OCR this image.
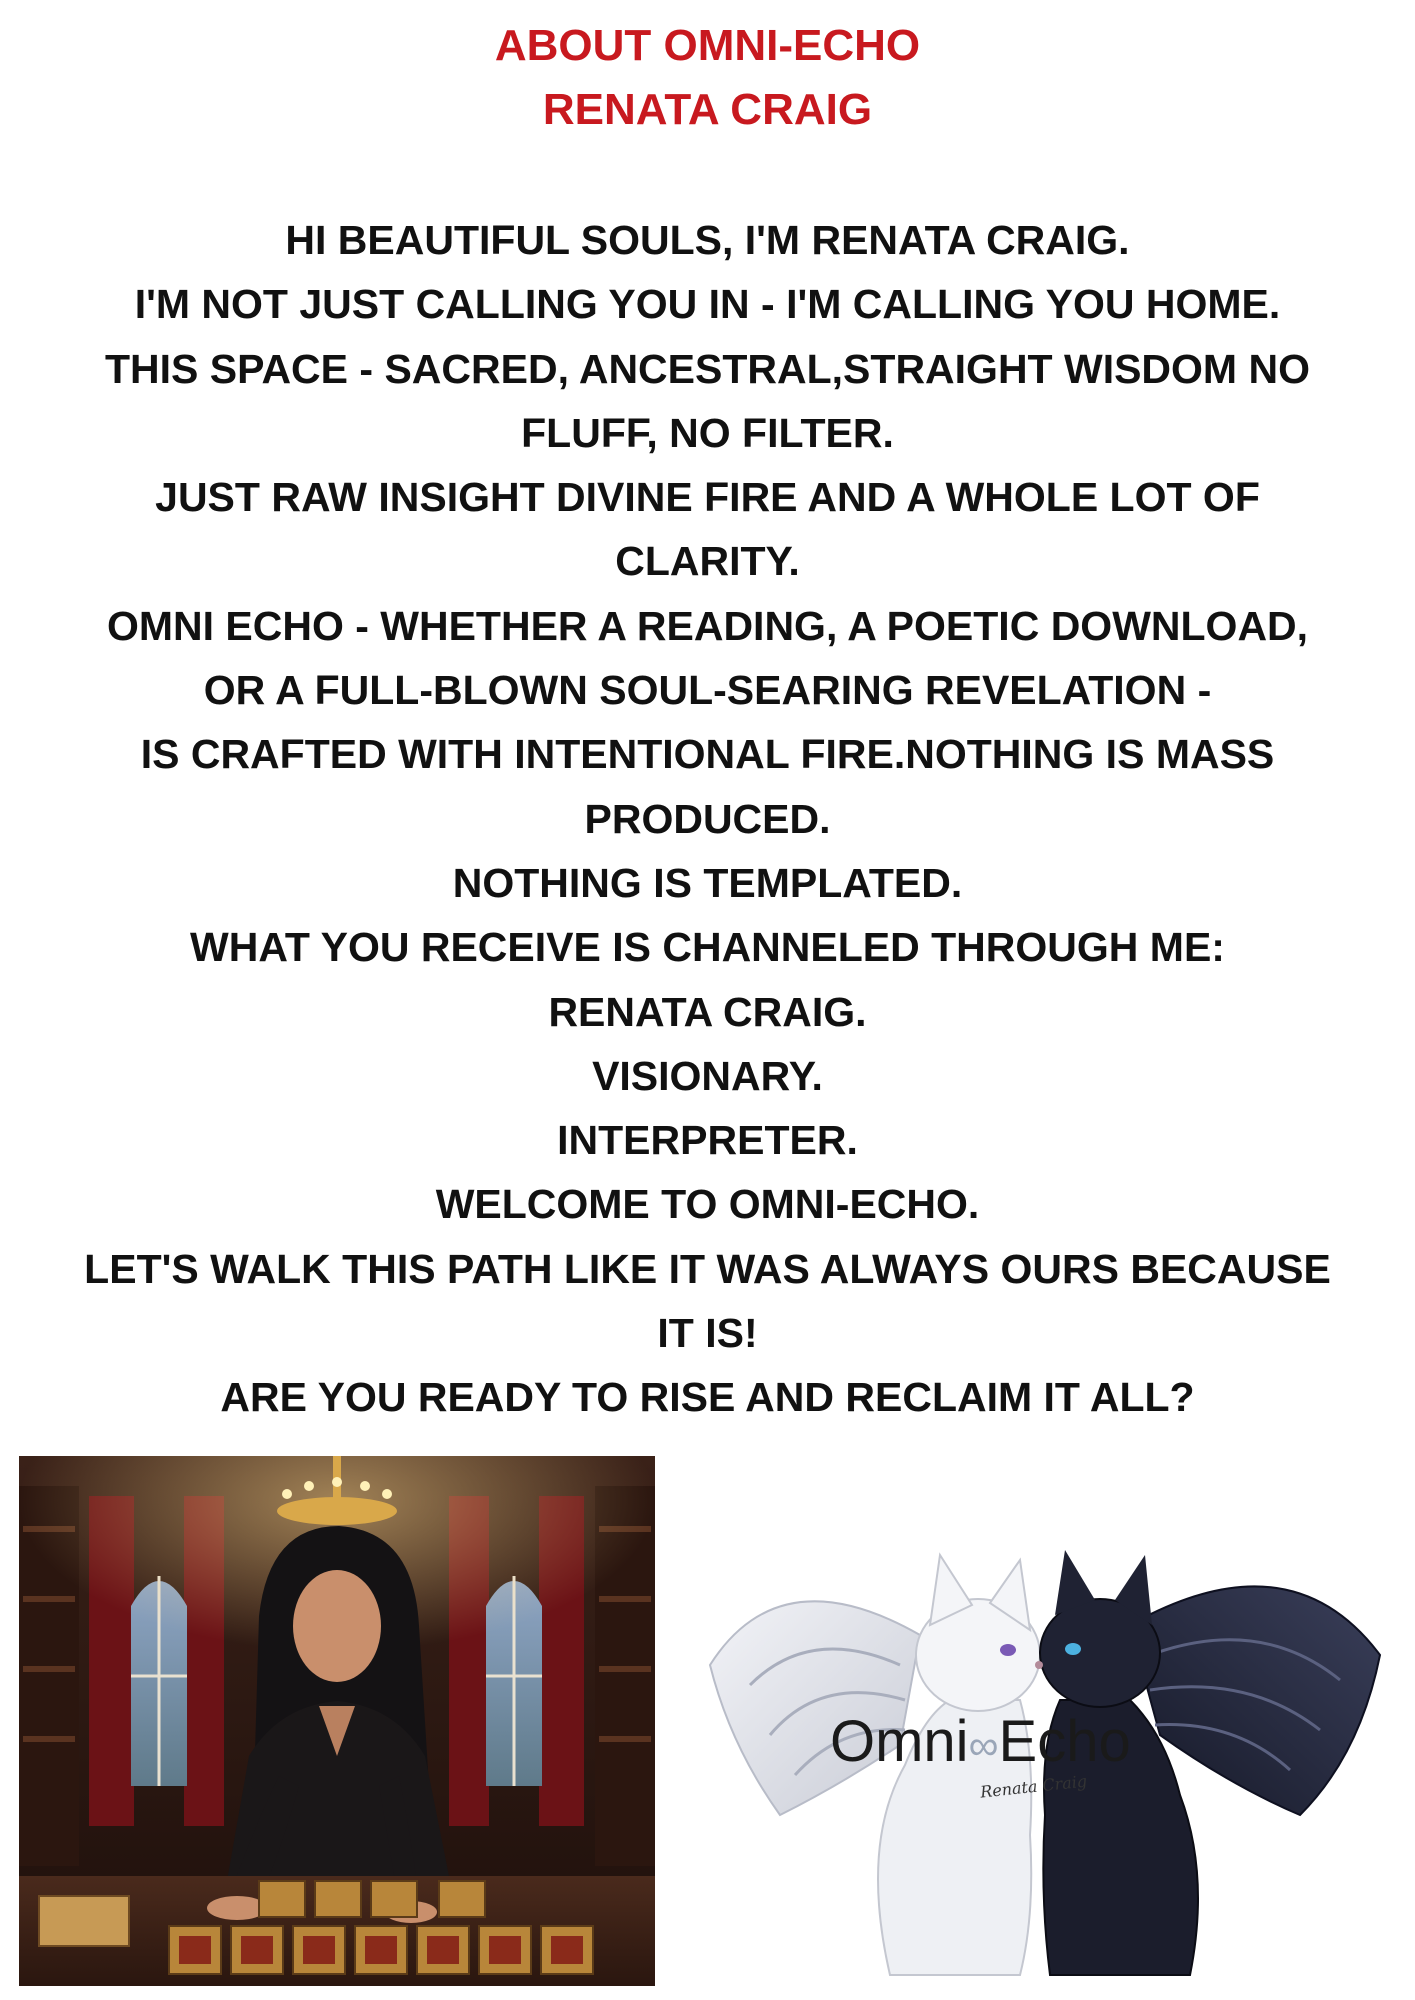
ABOUT OMNI-ECHO
RENATA CRAIG
HI BEAUTIFUL SOULS, I'M RENATA CRAIG.
I'M NOT JUST CALLING YOU IN - I'M CALLING YOU HOME.
THIS SPACE - SACRED, ANCESTRAL,STRAIGHT WISDOM NO
FLUFF, NO FILTER.
JUST RAW INSIGHT DIVINE FIRE AND A WHOLE LOT OF
CLARITY.
OMNI ECHO - WHETHER A READING, A POETIC DOWNLOAD,
OR A FULL-BLOWN SOUL-SEARING REVELATION -
IS CRAFTED WITH INTENTIONAL FIRE.NOTHING IS MASS
PRODUCED.
NOTHING IS TEMPLATED.
WHAT YOU RECEIVE IS CHANNELED THROUGH ME:
RENATA CRAIG.
VISIONARY.
INTERPRETER.
WELCOME TO OMNI-ECHO.
LET'S WALK THIS PATH LIKE IT WAS ALWAYS OURS BECAUSE
IT IS!
ARE YOU READY TO RISE AND RECLAIM IT ALL?
Omni∞Echo
Renata Craig
